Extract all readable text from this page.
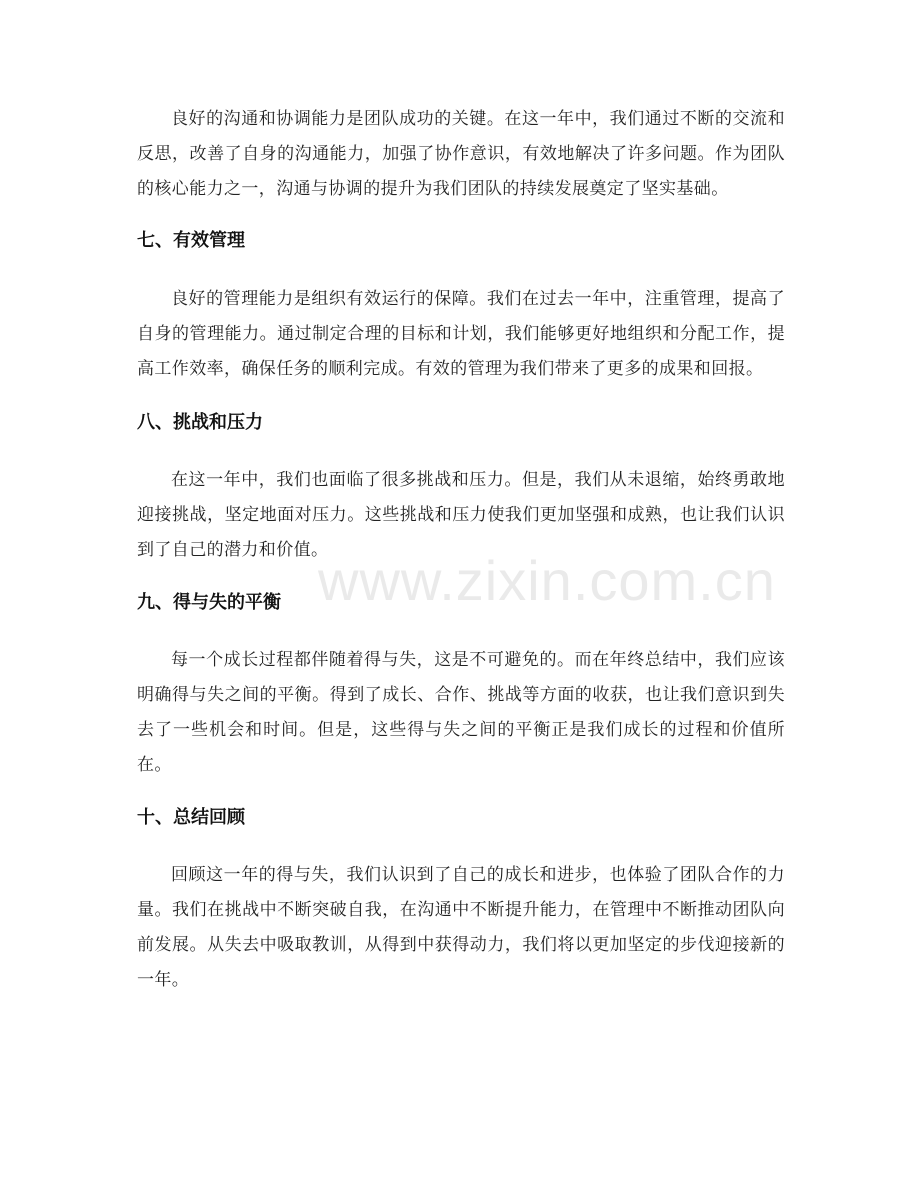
良好的沟通和协调能力是团队成功的关键。在这一年中，我们通过不断的交流和反思，改善了自身的沟通能力，加强了协作意识，有效地解决了许多问题。作为团队的核心能力之一，沟通与协调的提升为我们团队的持续发展奠定了坚实基础。

七、有效管理

良好的管理能力是组织有效运行的保障。我们在过去一年中，注重管理，提高了自身的管理能力。通过制定合理的目标和计划，我们能够更好地组织和分配工作，提高工作效率，确保任务的顺利完成。有效的管理为我们带来了更多的成果和回报。

八、挑战和压力

在这一年中，我们也面临了很多挑战和压力。但是，我们从未退缩，始终勇敢地迎接挑战，坚定地面对压力。这些挑战和压力使我们更加坚强和成熟，也让我们认识到了自己的潜力和价值。

九、得与失的平衡

每一个成长过程都伴随着得与失，这是不可避免的。而在年终总结中，我们应该明确得与失之间的平衡。得到了成长、合作、挑战等方面的收获，也让我们意识到失去了一些机会和时间。但是，这些得与失之间的平衡正是我们成长的过程和价值所在。

十、总结回顾

回顾这一年的得与失，我们认识到了自己的成长和进步，也体验了团队合作的力量。我们在挑战中不断突破自我，在沟通中不断提升能力，在管理中不断推动团队向前发展。从失去中吸取教训，从得到中获得动力，我们将以更加坚定的步伐迎接新的一年。

www.zixin.com.cn
